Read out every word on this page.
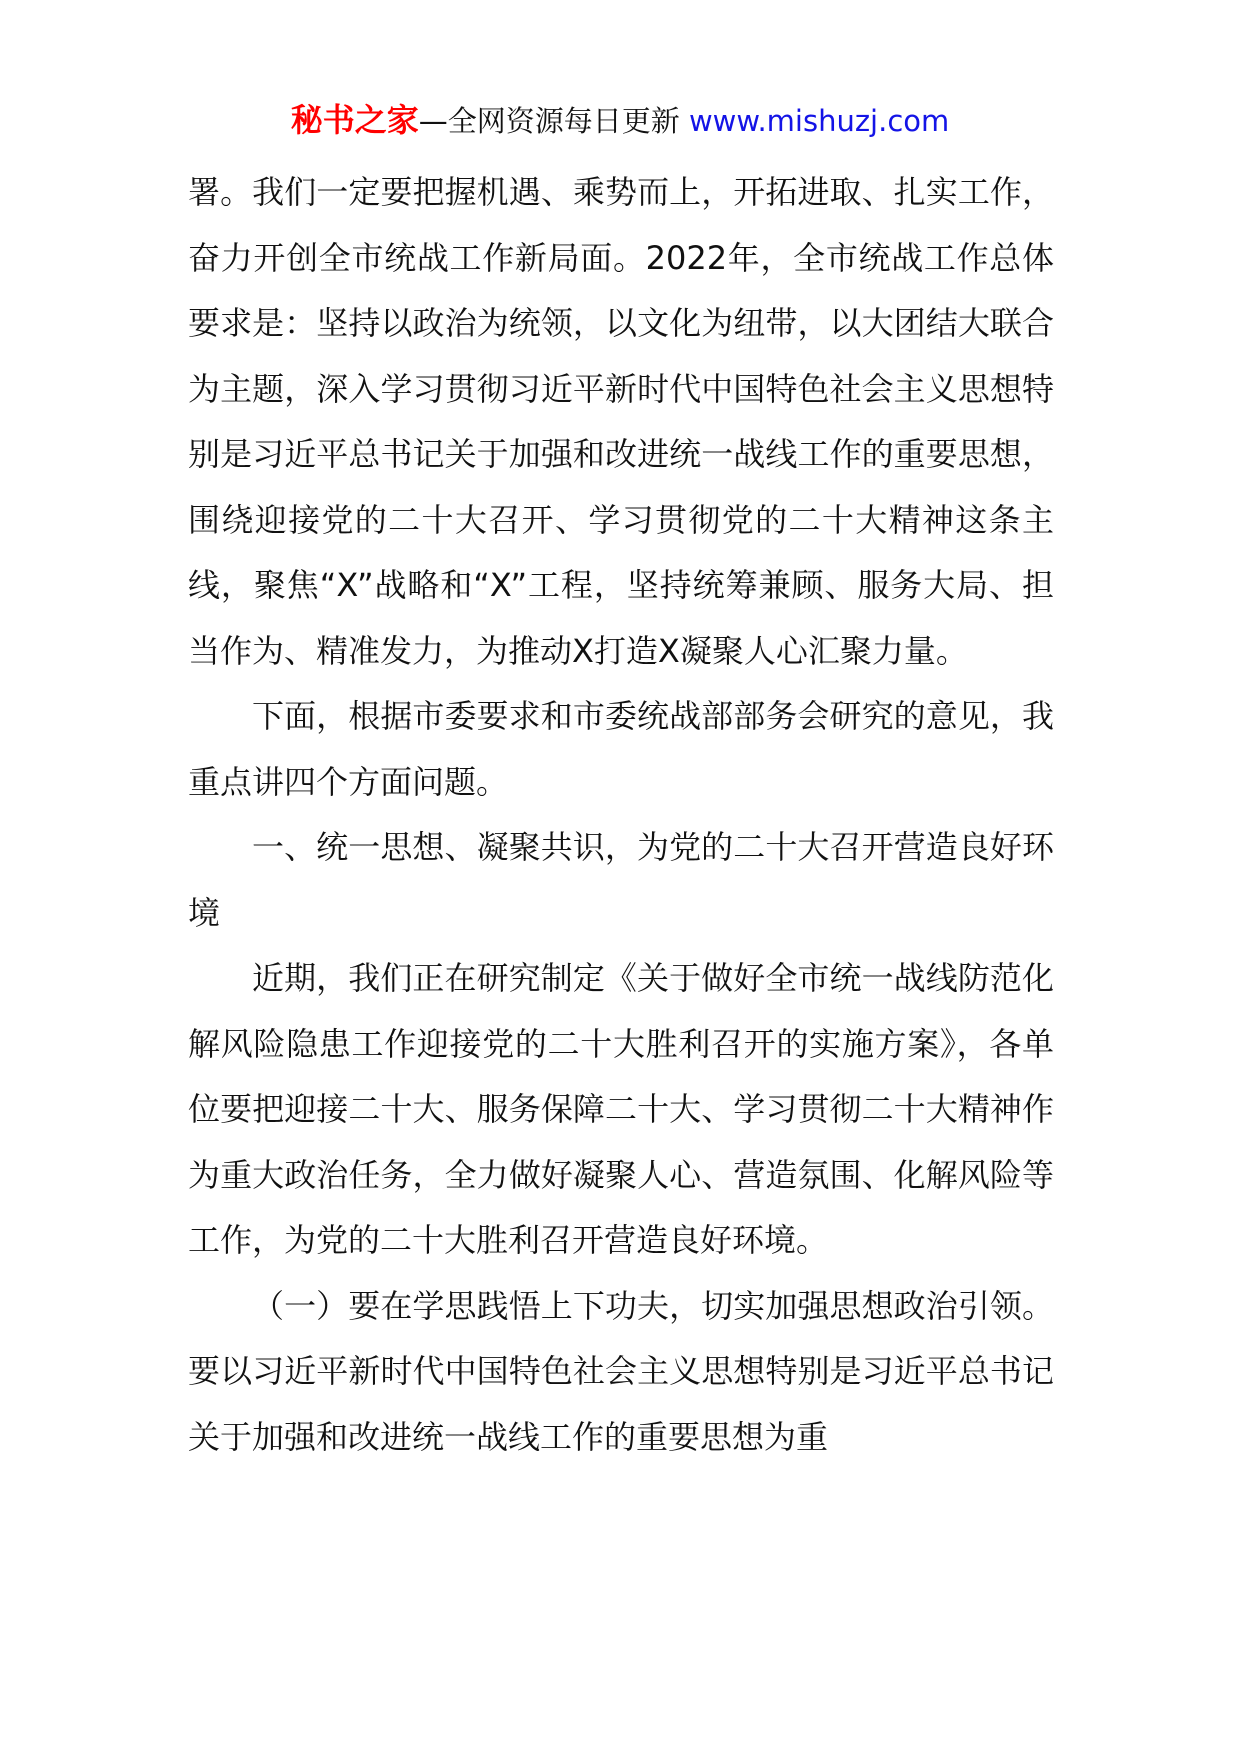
秘书之家—全网资源每日更新 www.mishuzj.com

署。我们一定要把握机遇、乘势而上，开拓进取、扎实工作，奋力开创全市统战工作新局面。2022年，全市统战工作总体要求是：坚持以政治为统领，以文化为纽带，以大团结大联合为主题，深入学习贯彻习近平新时代中国特色社会主义思想特别是习近平总书记关于加强和改进统一战线工作的重要思想，围绕迎接党的二十大召开、学习贯彻党的二十大精神这条主线，聚焦“X”战略和“X”工程，坚持统筹兼顾、服务大局、担当作为、精准发力，为推动X打造X凝聚人心汇聚力量。

下面，根据市委要求和市委统战部部务会研究的意见，我重点讲四个方面问题。

一、统一思想、凝聚共识，为党的二十大召开营造良好环境

近期，我们正在研究制定《关于做好全市统一战线防范化解风险隐患工作迎接党的二十大胜利召开的实施方案》，各单位要把迎接二十大、服务保障二十大、学习贯彻二十大精神作为重大政治任务，全力做好凝聚人心、营造氛围、化解风险等工作，为党的二十大胜利召开营造良好环境。

（一）要在学思践悟上下功夫，切实加强思想政治引领。要以习近平新时代中国特色社会主义思想特别是习近平总书记关于加强和改进统一战线工作的重要思想为重
